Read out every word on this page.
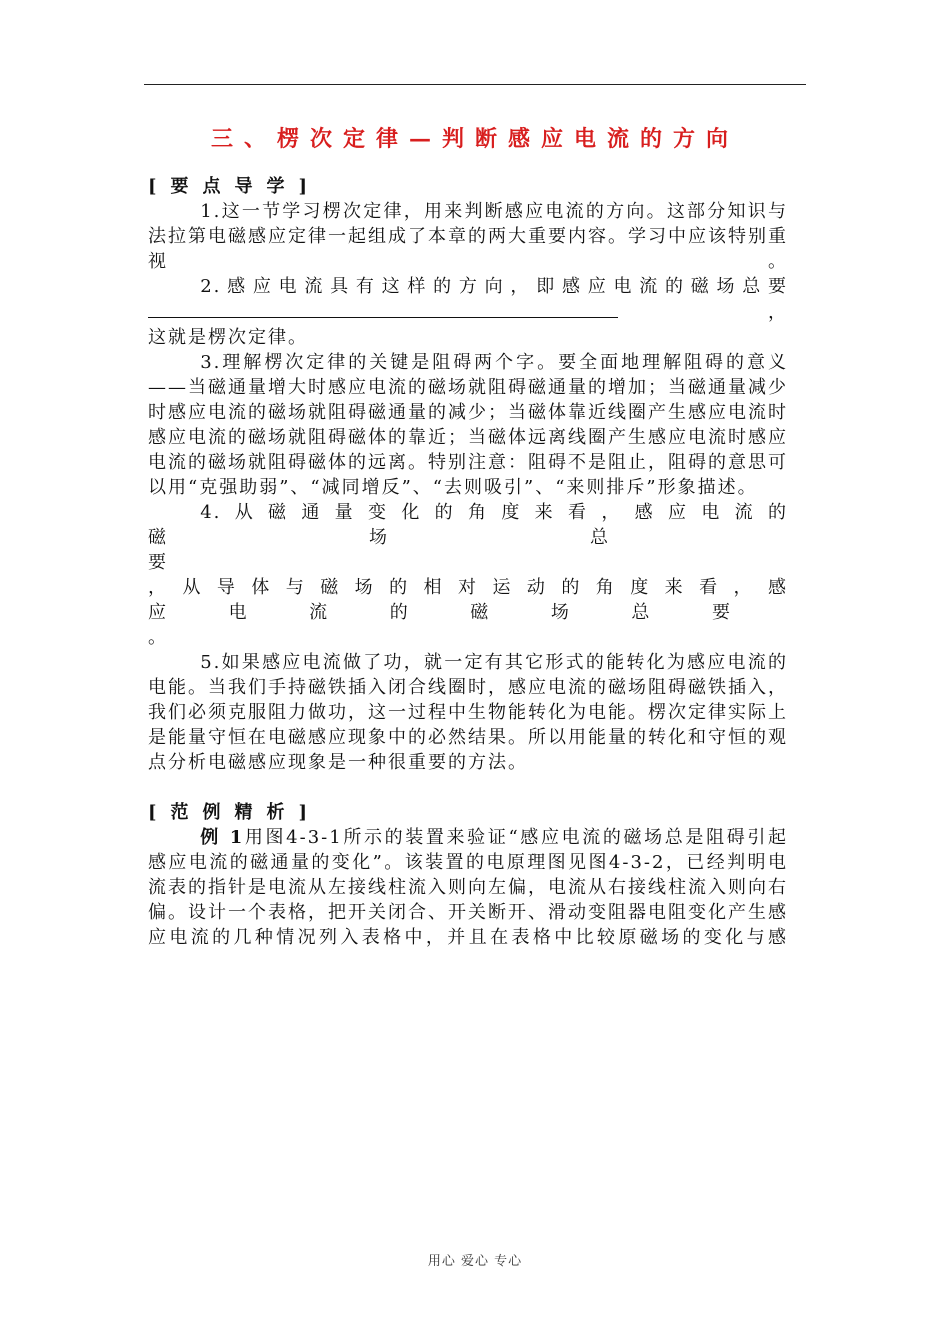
三、楞次定律—判断感应电流的方向
[要点导学]

1.这一节学习楞次定律，用来判断感应电流的方向。这部分知识与法拉第电磁感应定律一起组成了本章的两大重要内容。学习中应该特别重视。

2.感应电流具有这样的方向，即感应电流的磁场总要，

这就是楞次定律。

3.理解楞次定律的关键是阻碍两个字。要全面地理解阻碍的意义——当磁通量增大时感应电流的磁场就阻碍磁通量的增加；当磁通量减少时感应电流的磁场就阻碍磁通量的减少；当磁体靠近线圈产生感应电流时感应电流的磁场就阻碍磁体的靠近；当磁体远离线圈产生感应电流时感应电流的磁场就阻碍磁体的远离。特别注意：阻碍不是阻止，阻碍的意思可以用“克强助弱”、“减同增反”、“去则吸引”、“来则排斥”形象描述。

4.从磁通量变化的角度来看，感应电流的

磁场总要

，从导体与磁场的相对运动的角度来看，感

应电流的磁场总要

。

5.如果感应电流做了功，就一定有其它形式的能转化为感应电流的电能。当我们手持磁铁插入闭合线圈时，感应电流的磁场阻碍磁铁插入，我们必须克服阻力做功，这一过程中生物能转化为电能。楞次定律实际上是能量守恒在电磁感应现象中的必然结果。所以用能量的转化和守恒的观点分析电磁感应现象是一种很重要的方法。

[范例精析]

例 1用图4-3-1所示的装置来验证“感应电流的磁场总是阻碍引起感应电流的磁通量的变化”。该装置的电原理图见图4-3-2，已经判明电流表的指针是电流从左接线柱流入则向左偏，电流从右接线柱流入则向右偏。设计一个表格，把开关闭合、开关断开、滑动变阻器电阻变化产生感应电流的几种情况列入表格中，并且在表格中比较原磁场的变化与感

用心 爱心 专心
